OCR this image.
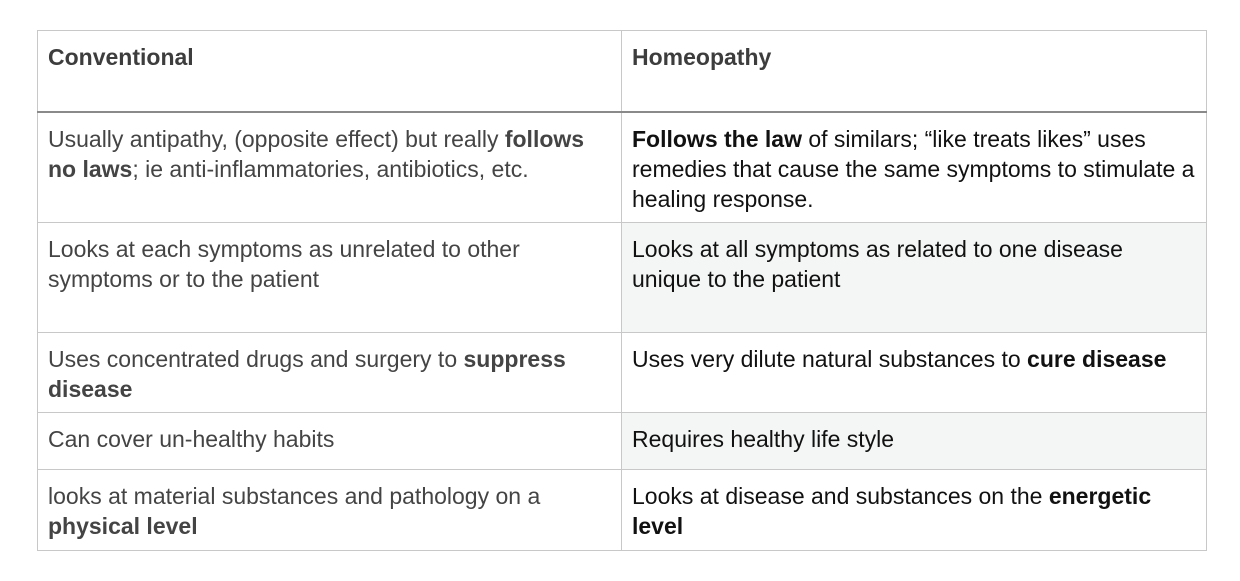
Conventional	Homeopathy
Usually antipathy, (opposite effect) but really follows no laws; ie anti-inflammatories, antibiotics, etc.	Follows the law of similars; “like treats likes” uses remedies that cause the same symptoms to stimulate a healing response.
Looks at each symptoms as unrelated to other symptoms or to the patient	Looks at all symptoms as related to one disease unique to the patient
Uses concentrated drugs and surgery to suppress disease	Uses very dilute natural substances to cure disease
Can cover un-healthy habits	Requires healthy life style
looks at material substances and pathology on a physical level	Looks at disease and substances on the energetic level
